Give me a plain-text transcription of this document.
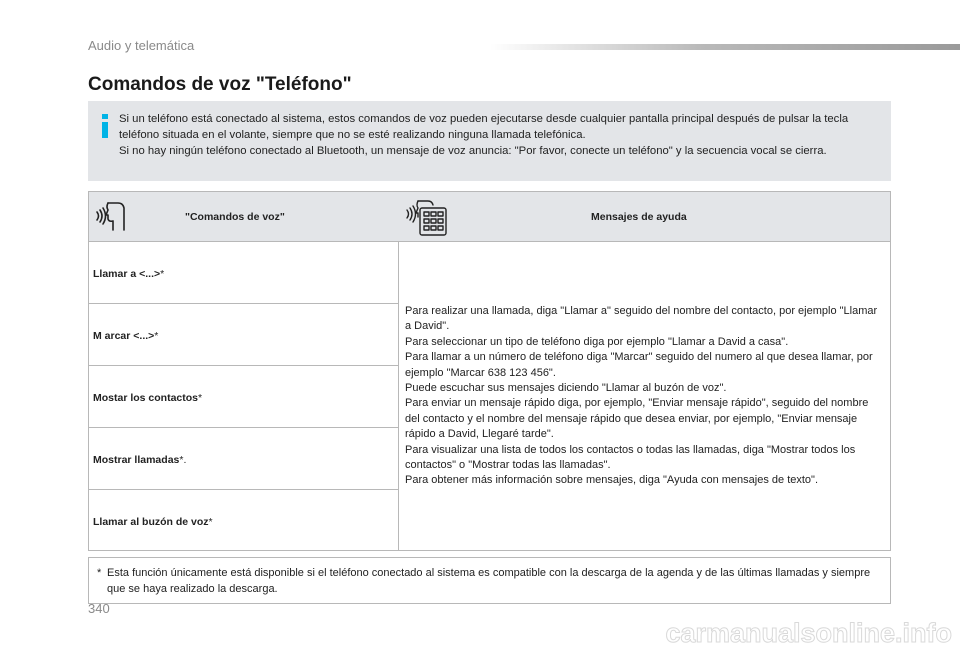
Audio y telemática
Comandos de voz "Teléfono"

Si un teléfono está conectado al sistema, estos comandos de voz pueden ejecutarse desde cualquier pantalla principal después de pulsar la tecla teléfono situada en el volante, siempre que no se esté realizando ninguna llamada telefónica.

Si no hay ningún teléfono conectado al Bluetooth, un mensaje de voz anuncia: "Por favor, conecte un teléfono" y la secuencia vocal se cierra.

"Comandos de voz"	Mensajes de ayuda
Llamar a <...>*
M arcar <...>*
Mostar los contactos*
Mostrar llamadas*.
Llamar al buzón de voz*

Para realizar una llamada, diga "Llamar a" seguido del nombre del contacto, por ejemplo "Llamar a David".

Para seleccionar un tipo de teléfono diga por ejemplo "Llamar a David a casa".

Para llamar a un número de teléfono diga "Marcar" seguido del numero al que desea llamar, por ejemplo "Marcar 638 123 456".

Puede escuchar sus mensajes diciendo "Llamar al buzón de voz".

Para enviar un mensaje rápido diga, por ejemplo, "Enviar mensaje rápido", seguido del nombre del contacto y el nombre del mensaje rápido que desea enviar, por ejemplo, "Enviar mensaje rápido a David, Llegaré tarde".

Para visualizar una lista de todos los contactos o todas las llamadas, diga "Mostrar todos los contactos" o "Mostrar todas las llamadas".

Para obtener más información sobre mensajes, diga "Ayuda con mensajes de texto".

* Esta función únicamente está disponible si el teléfono conectado al sistema es compatible con la descarga de la agenda y de las últimas llamadas y siempre que se haya realizado la descarga.
340
carmanualsonline.info
